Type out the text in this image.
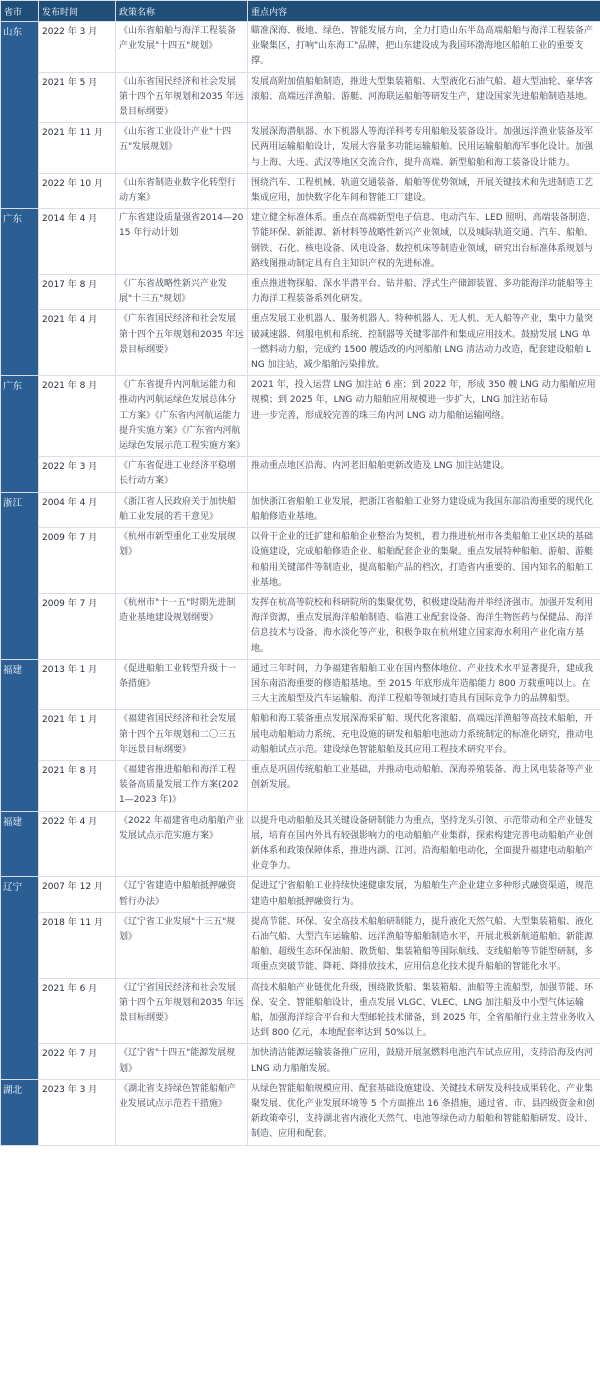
省市	发布时间	政策名称	重点内容
山东	2022 年 3 月	《山东省船舶与海洋工程装备产业发展"十四五"规划》	瞄准深海、极地、绿色、智能发展方向，全力打造山东半岛高端船舶与海洋工程装备产业聚集区，打响"山东海工"品牌，把山东建设成为我国环渤海地区船舶工业的重要支撑。
	2021 年 5 月	《山东省国民经济和社会发展第十四个五年规划和2035 年远景目标纲要》	发展高附加值船舶制造，推进大型集装箱船、大型液化石油气船、超大型油轮、豪华客滚船、高端远洋渔船、游艇、河海联运船舶等研发生产，建设国家先进船舶制造基地。
	2021 年 11 月	《山东省工业设计产业"十四五"发展规划》	发展深海潜航器、水下机器人等海洋科考专用船舶及装备设计。加强远洋渔业装备及军民两用运输船舶设计，发展大容量多功能运输船舶、民用运输船舶海军事化设计。加强与上海、大连、武汉等地区交流合作，提升高端、新型船舶和海工装备设计能力。
	2022 年 10 月	《山东省制造业数字化转型行动方案》	围绕汽车、工程机械、轨道交通装备、船舶等优势领域，开展关键技术和先进制造工艺集成应用，加快数字化车间和智能工厂建设。
广东	2014 年 4 月	广东省建设质量强省2014—2015 年行动计划	建立健全标准体系。重点在高端新型电子信息、电动汽车、LED 照明、高端装备制造、节能环保、新能源、新材料等战略性新兴产业领域，以及城际轨道交通、汽车、船舶、钢铁、石化、核电设备、风电设备、数控机床等制造业领域，研究出台标准体系规划与路线图推动制定具有自主知识产权的先进标准。
	2017 年 8 月	《广东省战略性新兴产业发展"十三五"规划》	重点推进物探船、深水半潜平台、钻井船、浮式生产储卸装置、多功能海洋功能船等主力海洋工程装备系列化研发。
	2021 年 4 月	《广东省国民经济和社会发展第十四个五年规划和2035 年远景目标纲要》	重点发展工业机器人、服务机器人、特种机器人、无人机、无人船等产业，集中力量突破减速器、伺服电机和系统、控制器等关键零部件和集成应用技术。鼓励发展 LNG 单一燃料动力船，完成约 1500 艘适改的内河船舶 LNG 清洁动力改造，配套建设船舶 LNG 加注站，减少船舶污染排放。
广东	2021 年 8 月	《广东省提升内河航运能力和推动内河航运绿色发展总体分工方案》《广东省内河航运能力提升实施方案》《广东省内河航运绿色发展示范工程实施方案》	2021 年，投入运营 LNG 加注站 6 座；到 2022 年，形成 350 艘 LNG 动力船舶应用规模；到 2025 年，LNG 动力船舶应用规模进一步扩大，LNG 加注站布局
进一步完善，形成较完善的珠三角内河 LNG 动力船舶运输网络。
	2022 年 3 月	《广东省促进工业经济平稳增长行动方案》	推动重点地区沿海、内河老旧船舶更新改造及 LNG 加注站建设。
浙江	2004 年 4 月	《浙江省人民政府关于加快船舶工业发展的若干意见》	加快浙江省船舶工业发展，把浙江省船舶工业努力建设成为我国东部沿海重要的现代化船舶修造业基地。
	2009 年 7 月	《杭州市新型重化工业发展规划》	以骨干企业的迁扩建和船舶企业整治为契机，着力推进杭州市各类船舶工业区块的基础设施建设，完成船舶修造企业、船舶配套企业的集聚。重点发展特种船舶、游船、游艇和船用关键部件等制造业，提高船舶产品的档次，打造省内重要的、国内知名的船舶工业基地。
	2009 年 7 月	《杭州市"十一五"时期先进制造业基地建设规划纲要》	发挥在杭高等院校和科研院所的集聚优势，积极建设陆海并举经济强市。加强开发利用海洋资源，重点发展海洋船舶制造、临港工业配套设备、海洋生物医药与保健品、海洋信息技术与设备、海水淡化等产业，积极争取在杭州建立国家海水利用产业化南方基地。
福建	2013 年 1 月	《促进船舶工业转型升级十一条措施》	通过三年时间，力争福建省船舶工业在国内整体地位、产业技术水平显著提升，建成我国东南沿海重要的修造船基地。至 2015 年底形成年造船能力 800 万载重吨以上。在三大主流船型及汽车运输船、海洋工程船等领域打造具有国际竞争力的品牌船型。
	2021 年 1 月	《福建省国民经济和社会发展第十四个五年规划和二〇三五年远景目标纲要》	船舶和海工装备重点发展深海采矿船、现代化客滚船、高端远洋渔船等高技术船舶，开展电动船舶动力系统、充电设施的研发和船舶电池动力系统制定的标准化研究，推动电动船舶试点示范。建设绿色智能船舶及其应用工程技术研究平台。
	2021 年 8 月	《福建省推进船舶和海洋工程装备高质量发展工作方案(2021—2023 年)》	重点是巩固传统船舶工业基础，并推动电动船舶、深海养殖装备、海上风电装备等产业创新发展。
福建	2022 年 4 月	《2022 年福建省电动船舶产业发展试点示范实施方案》	以提升电动船舶及其关键设备研制能力为重点，坚持龙头引领、示范带动和全产业链发展，培育在国内外具有较强影响力的电动船舶产业集群，探索构建完善电动船舶产业创新体系和政策保障体系，推进内湖、江河、沿海船舶电动化，全面提升福建电动船舶产业竞争力。
辽宁	2007 年 12 月	《辽宁省建造中船舶抵押融资暂行办法》	促进辽宁省船舶工业持续快速健康发展，为船舶生产企业建立多种形式融资渠道，规范建造中船舶抵押融资行为。
	2018 年 11 月	《辽宁省工业发展"十三五"规划》	提高节能、环保、安全高技术船舶研制能力，提升液化天然气船、大型集装箱船、液化石油气船、大型汽车运输船、远洋渔船等船舶制造水平，开展北极新航道船舶、新能源船舶、超级生态环保油船、散货船、集装箱船等国际航线、支线船舶等节能型研制，多项重点突破节能、降耗、降排放技术，应用信息化技术提升船舶的智能化水平。
	2021 年 6 月	《辽宁省国民经济和社会发展第十四个五年规划和2035 年远景目标纲要》	高技术船舶产业链优化升级，围绕散货船、集装箱船、油船等主流船型，加强节能、环保、安全、智能船舶设计，重点发展 VLGC、VLEC、LNG 加注船及中小型气体运输船，加强海洋综合平台和大型邮轮技术储备，到 2025 年，全省船舶行业主营业务收入达到 800 亿元，本地配套率达到 50%以上。
	2022 年 7 月	《辽宁省"十四五"能源发展规划》	加快清洁能源运输装备推广应用，鼓励开展氢燃料电池汽车试点应用，支持沿海及内河 LNG 动力船舶发展。
湖北	2023 年 3 月	《湖北省支持绿色智能船舶产业发展试点示范若干措施》	从绿色智能船舶规模应用、配套基础设施建设、关键技术研发及科技成果转化、产业集聚发展、优化产业发展环境等 5 个方面推出 16 条措施，通过省、市、县四级资金和创新政策牵引，支持湖北省内液化天然气、电池等绿色动力船舶和智能船舶研发、设计、制造、应用和配套。
